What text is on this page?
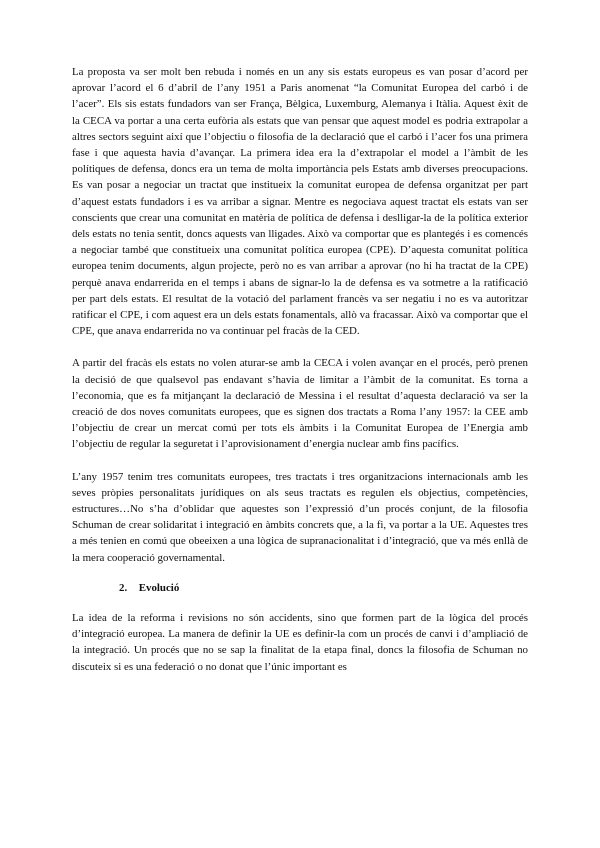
La proposta va ser molt ben rebuda i només en un any sis estats europeus es van posar d’acord per aprovar l’acord el 6 d’abril de l’any 1951 a Paris anomenat “la Comunitat Europea del carbó i de l’acer”. Els sis estats fundadors van ser França, Bèlgica, Luxemburg, Alemanya i Itàlia. Aquest èxit de la CECA va portar a una certa eufòria als estats que van pensar que aquest model es podria extrapolar a altres sectors seguint així que l’objectiu o filosofia de la declaració que el carbó i l’acer fos una primera fase i que aquesta havia d’avançar. La primera idea era la d’extrapolar el model a l’àmbit de les polítiques de defensa, doncs era un tema de molta importància pels Estats amb diverses preocupacions. Es van posar a negociar un tractat que institueix la comunitat europea de defensa organitzat per part d’aquest estats fundadors i es va arribar a signar. Mentre es negociava aquest tractat els estats van ser conscients que crear una comunitat en matèria de política de defensa i deslligar-la de la política exterior dels estats no tenia sentit, doncs aquests van lligades. Això va comportar que es plantegés i es comencés a negociar també que constitueix una comunitat política europea (CPE). D’aquesta comunitat política europea tenim documents, algun projecte, però no es van arribar a aprovar (no hi ha tractat de la CPE) perquè anava endarrerida en el temps i abans de signar-lo la de defensa es va sotmetre a la ratificació per part dels estats. El resultat de la votació del parlament francès va ser negatiu i no es va autoritzar ratificar el CPE, i com aquest era un dels estats fonamentals, allò va fracassar. Això va comportar que el CPE, que anava endarrerida no va continuar pel fracàs de la CED.

A partir del fracàs els estats no volen aturar-se amb la CECA i volen avançar en el procés, però prenen la decisió de que qualsevol pas endavant s’havia de limitar a l’àmbit de la comunitat. Es torna a l’economia, que es fa mitjançant la declaració de Messina i el resultat d’aquesta declaració va ser la creació de dos noves comunitats europees, que es signen dos tractats a Roma l’any 1957: la CEE amb l’objectiu de crear un mercat comú per tots els àmbits i la Comunitat Europea de l’Energia amb l’objectiu de regular la seguretat i l’aprovisionament d’energia nuclear amb fins pacífics.

L’any 1957 tenim tres comunitats europees, tres tractats i tres organitzacions internacionals amb les seves pròpies personalitats jurídiques on als seus tractats es regulen els objectius, competències, estructures…No s’ha d’oblidar que aquestes son l’expressió d’un procés conjunt, de la filosofia Schuman de crear solidaritat i integració en àmbits concrets que, a la fi, va portar a la UE. Aquestes tres a més tenien en comú que obeeixen a una lògica de supranacionalitat i d’integració, que va més enllà de la mera cooperació governamental.

2. Evolució

La idea de la reforma i revisions no són accidents, sino que formen part de la lògica del procés d’integració europea. La manera de definir la UE es definir-la com un procés de canvi i d’ampliació de la integració. Un procés que no se sap la finalitat de la etapa final, doncs la filosofia de Schuman no discuteix si es una federació o no donat que l’únic important es
